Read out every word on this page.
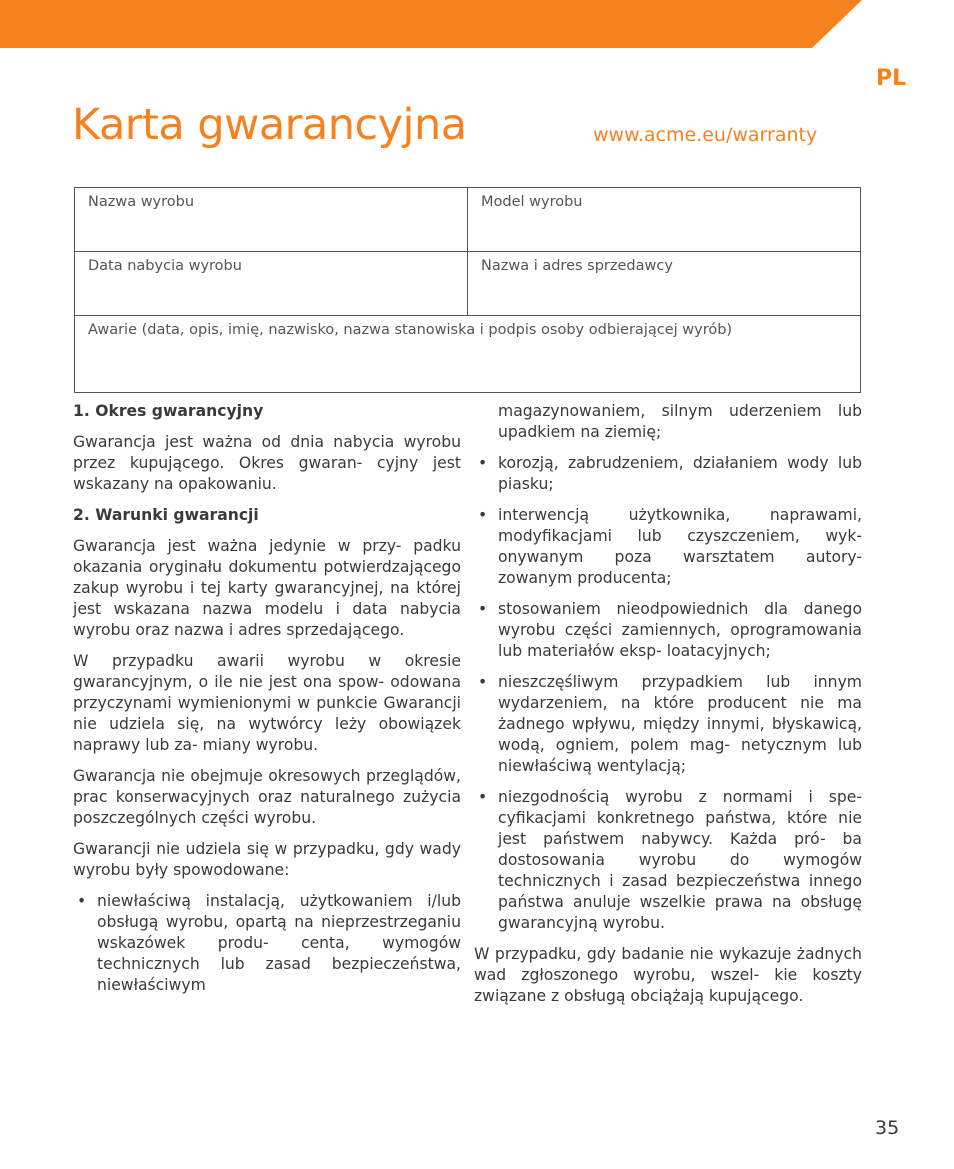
PL
Karta gwarancyjna	www.acme.eu/warranty
Nazwa wyrobu	Model wyrobu
Data nabycia wyrobu	Nazwa i adres sprzedawcy
Awarie (data, opis, imię, nazwisko, nazwa stanowiska i podpis osoby odbierającej wyrób)
1. Okres gwarancyjny

Gwarancja jest ważna od dnia nabycia wyrobu przez kupującego. Okres gwaran- cyjny jest wskazany na opakowaniu.

2. Warunki gwarancji

Gwarancja jest ważna jedynie w przy- padku okazania oryginału dokumentu potwierdzającego zakup wyrobu i tej karty gwarancyjnej, na której jest wskazana nazwa modelu i data nabycia wyrobu oraz nazwa i adres sprzedającego.

W przypadku awarii wyrobu w okresie gwarancyjnym, o ile nie jest ona spow- odowana przyczynami wymienionymi w punkcie Gwarancji nie udziela się, na wytwórcy leży obowiązek naprawy lub za- miany wyrobu.

Gwarancja nie obejmuje okresowych przeglądów, prac konserwacyjnych oraz naturalnego zużycia poszczególnych części wyrobu.

Gwarancji nie udziela się w przypadku, gdy wady wyrobu były spowodowane:

• niewłaściwą instalacją, użytkowaniem i/lub obsługą wyrobu, opartą na nieprzestrzeganiu wskazówek produ- centa, wymogów technicznych lub zasad bezpieczeństwa, niewłaściwym
magazynowaniem, silnym uderzeniem lub upadkiem na ziemię;
• korozją, zabrudzeniem, działaniem wody lub piasku;
• interwencją użytkownika, naprawami, modyfikacjami lub czyszczeniem, wyk- onywanym poza warsztatem autory- zowanym producenta;
• stosowaniem nieodpowiednich dla danego wyrobu części zamiennych, oprogramowania lub materiałów eksp- loatacyjnych;
• nieszczęśliwym przypadkiem lub innym wydarzeniem, na które producent nie ma żadnego wpływu, między innymi, błyskawicą, wodą, ogniem, polem mag- netycznym lub niewłaściwą wentylacją;
• niezgodnością wyrobu z normami i spe- cyfikacjami konkretnego państwa, które nie jest państwem nabywcy. Każda pró- ba dostosowania wyrobu do wymogów technicznych i zasad bezpieczeństwa innego państwa anuluje wszelkie prawa na obsługę gwarancyjną wyrobu.

W przypadku, gdy badanie nie wykazuje żadnych wad zgłoszonego wyrobu, wszel- kie koszty związane z obsługą obciążają kupującego.

35
